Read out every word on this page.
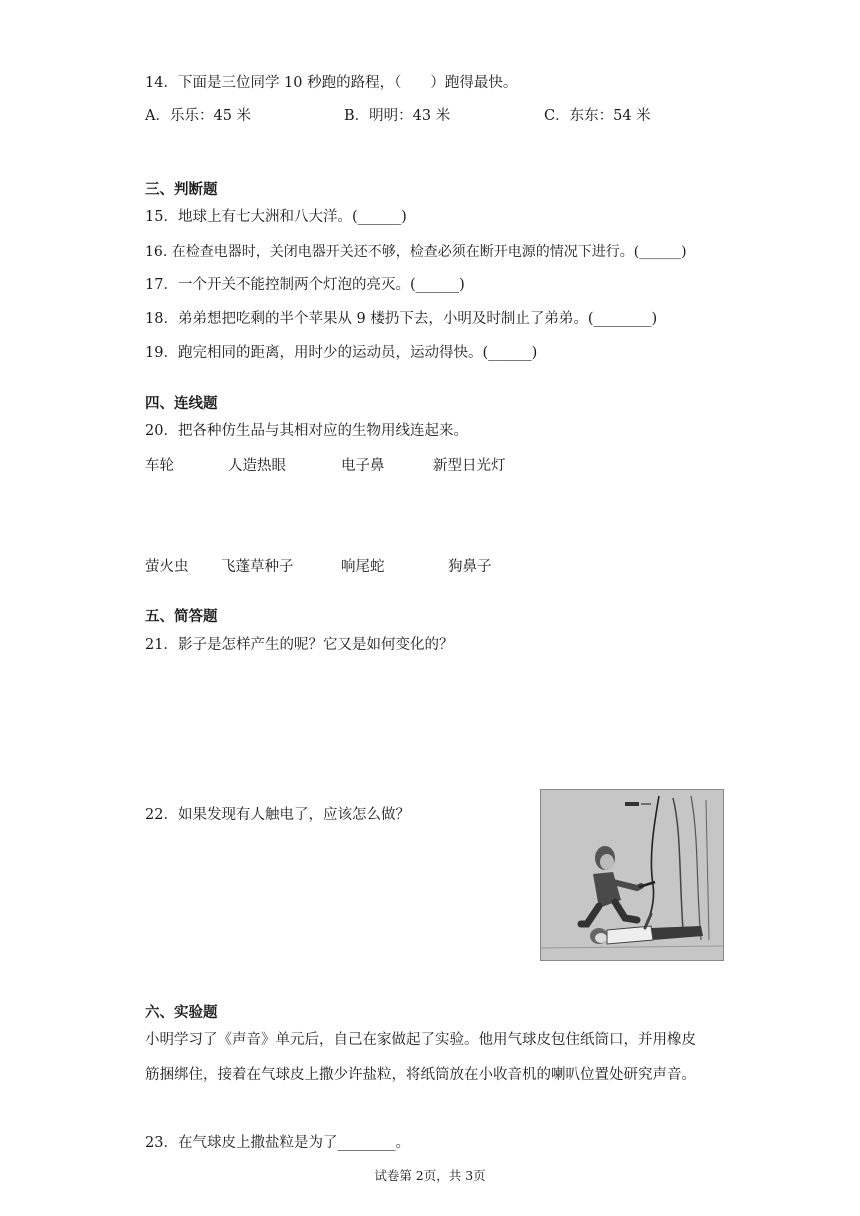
14．下面是三位同学 10 秒跑的路程，（　　）跑得最快。
A．乐乐：45 米	B．明明：43 米	C．东东：54 米
三、判断题
15．地球上有七大洲和八大洋。(______)
16. 在检查电器时，关闭电器开关还不够，检查必须在断开电源的情况下进行。(______)
17．一个开关不能控制两个灯泡的亮灭。(______)
18．弟弟想把吃剩的半个苹果从 9 楼扔下去，小明及时制止了弟弟。(________)
19．跑完相同的距离，用时少的运动员，运动得快。(______)
四、连线题
20．把各种仿生品与其相对应的生物用线连起来。
车轮	人造热眼	电子鼻	新型日光灯
萤火虫 飞蓬草种子	响尾蛇	狗鼻子
五、简答题
21．影子是怎样产生的呢？它又是如何变化的？
22．如果发现有人触电了，应该怎么做？
六、实验题
小明学习了《声音》单元后，自己在家做起了实验。他用气球皮包住纸筒口，并用橡皮
筋捆绑住，接着在气球皮上撒少许盐粒，将纸筒放在小收音机的喇叭位置处研究声音。
23．在气球皮上撒盐粒是为了________。
试卷第 2页，共 3页
